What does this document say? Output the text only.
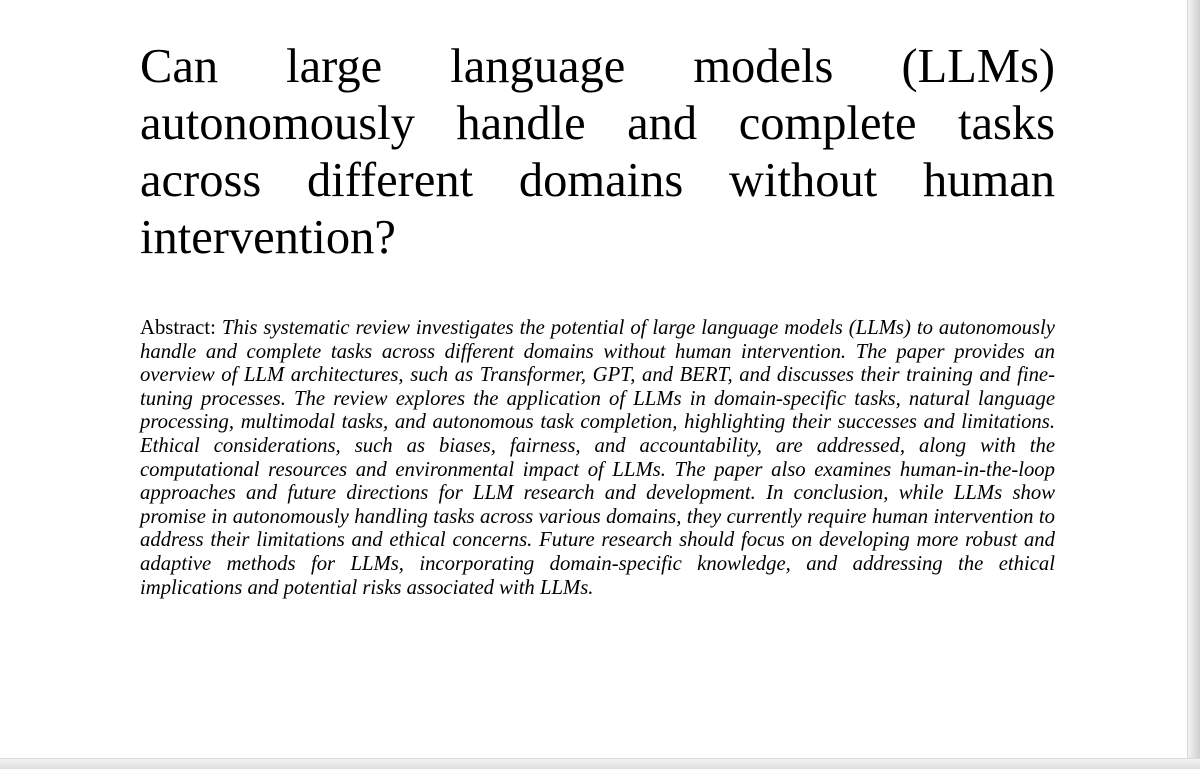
Can large language models (LLMs) autonomously handle and complete tasks across different domains without human intervention?

Abstract: This systematic review investigates the potential of large language models (LLMs) to autonomously handle and complete tasks across different domains without human intervention. The paper provides an overview of LLM architectures, such as Transformer, GPT, and BERT, and discusses their training and fine-tuning processes. The review explores the application of LLMs in domain-specific tasks, natural language processing, multimodal tasks, and autonomous task completion, highlighting their successes and limitations. Ethical considerations, such as biases, fairness, and accountability, are addressed, along with the computational resources and environmental impact of LLMs. The paper also examines human-in-the-loop approaches and future directions for LLM research and development. In conclusion, while LLMs show promise in autonomously handling tasks across various domains, they currently require human intervention to address their limitations and ethical concerns. Future research should focus on developing more robust and adaptive methods for LLMs, incorporating domain-specific knowledge, and addressing the ethical implications and potential risks associated with LLMs.
